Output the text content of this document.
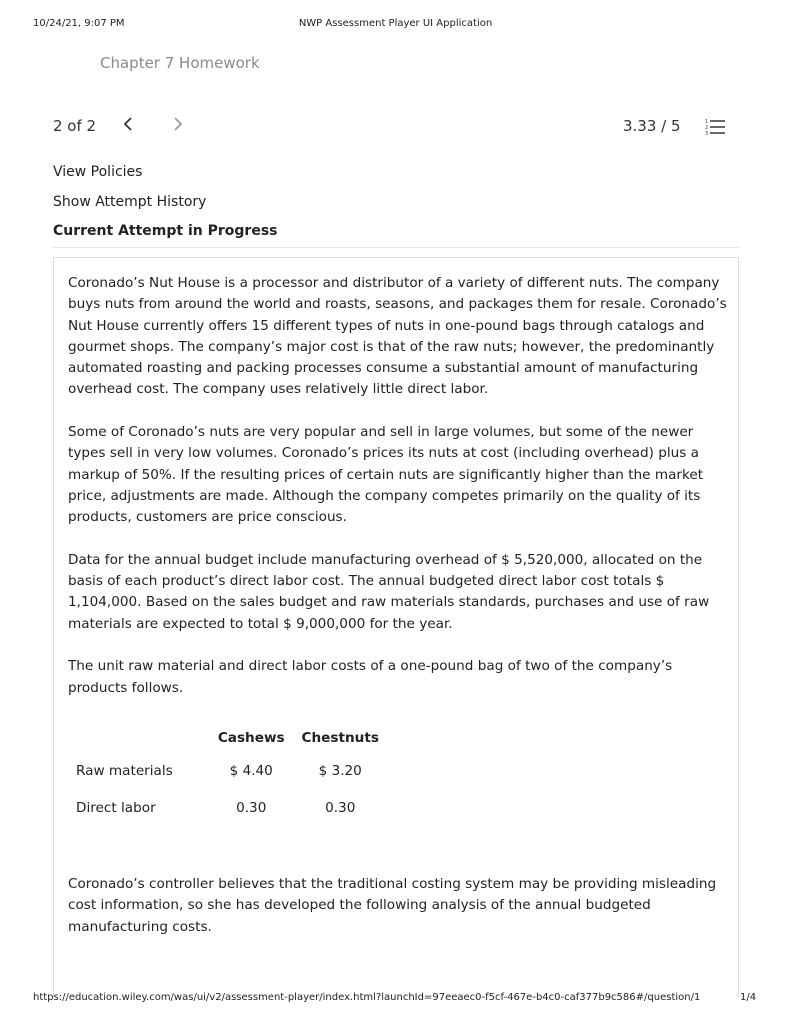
10/24/21, 9:07 PM	NWP Assessment Player UI Application
Chapter 7 Homework
2 of 2	3.33 / 5	1
2
3
View Policies
Show Attempt History
Current Attempt in Progress

Coronado’s Nut House is a processor and distributor of a variety of different nuts. The company buys nuts from around the world and roasts, seasons, and packages them for resale. Coronado’s Nut House currently offers 15 different types of nuts in one-pound bags through catalogs and gourmet shops. The company’s major cost is that of the raw nuts; however, the predominantly automated roasting and packing processes consume a substantial amount of manufacturing overhead cost. The company uses relatively little direct labor.

Some of Coronado’s nuts are very popular and sell in large volumes, but some of the newer types sell in very low volumes. Coronado’s prices its nuts at cost (including overhead) plus a markup of 50%. If the resulting prices of certain nuts are significantly higher than the market price, adjustments are made. Although the company competes primarily on the quality of its products, customers are price conscious.

Data for the annual budget include manufacturing overhead of $ 5,520,000, allocated on the basis of each product’s direct labor cost. The annual budgeted direct labor cost totals $ 1,104,000. Based on the sales budget and raw materials standards, purchases and use of raw materials are expected to total $ 9,000,000 for the year.

The unit raw material and direct labor costs of a one-pound bag of two of the company’s products follows.

	Cashews	Chestnuts
Raw materials	$ 4.40	$ 3.20
Direct labor	0.30	0.30

Coronado’s controller believes that the traditional costing system may be providing misleading cost information, so she has developed the following analysis of the annual budgeted manufacturing costs.

https://education.wiley.com/was/ui/v2/assessment-player/index.html?launchId=97eeaec0-f5cf-467e-b4c0-caf377b9c586#/question/1	1/4
